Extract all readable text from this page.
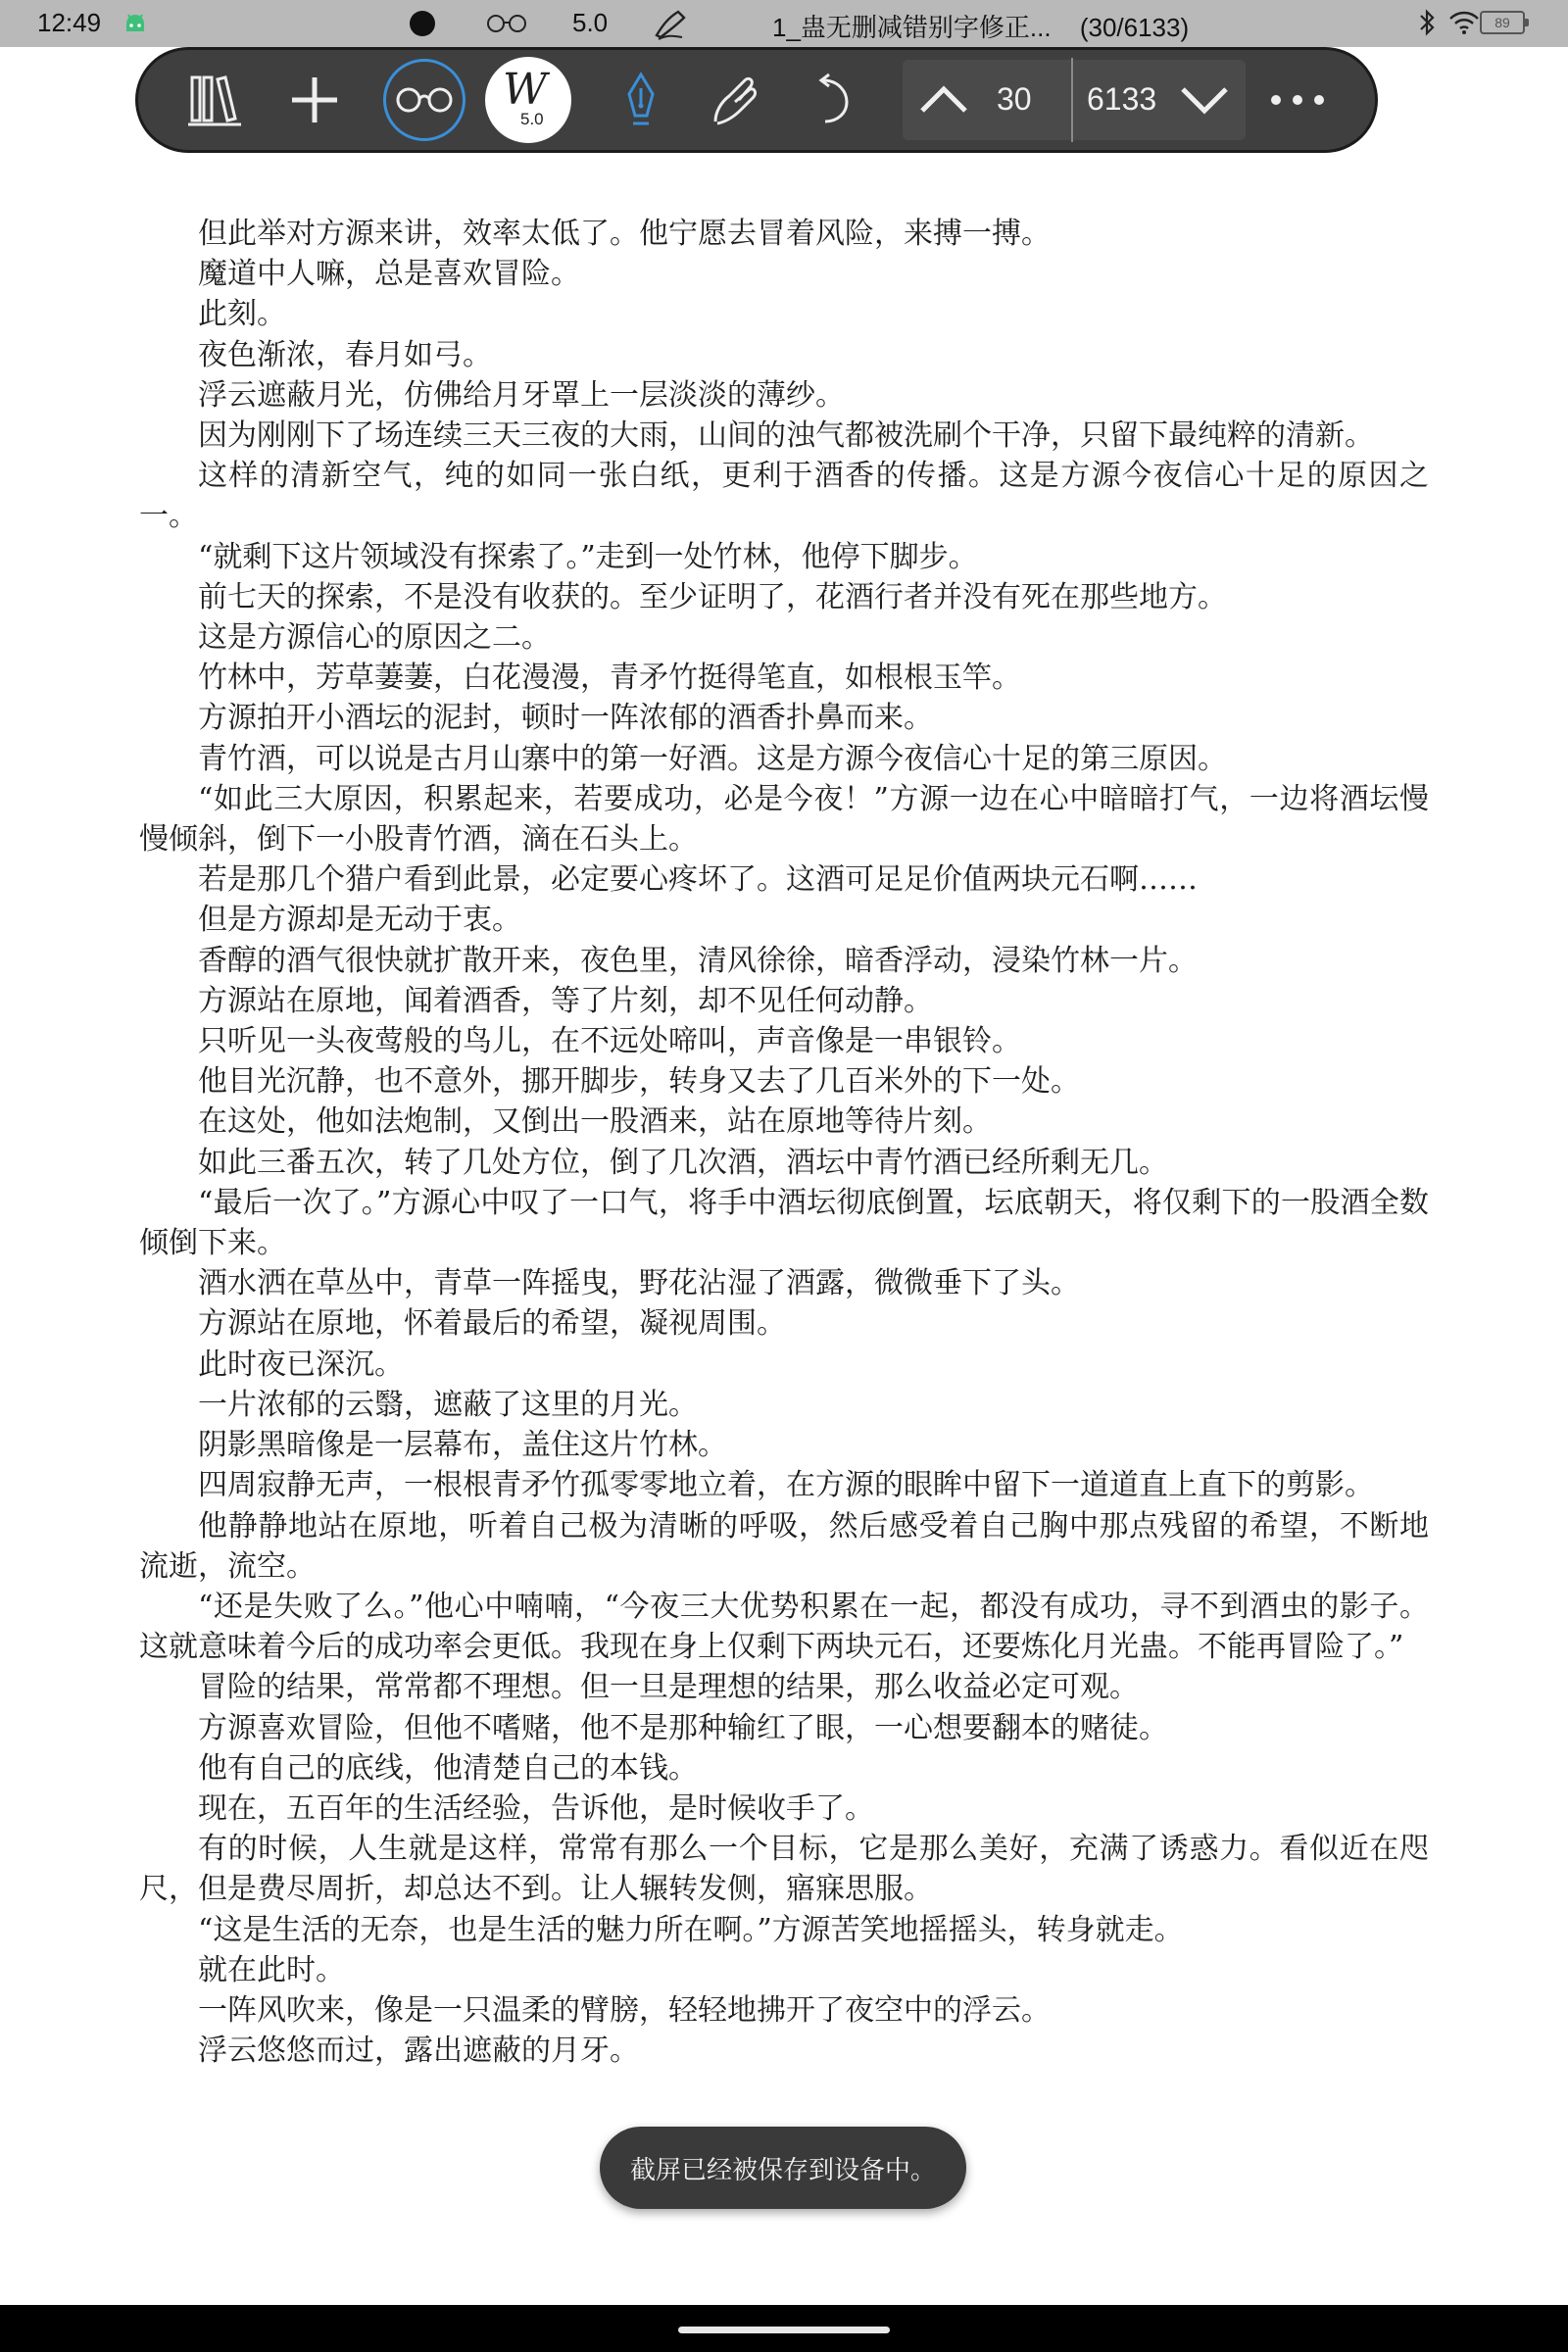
12:49	5.0	1_蛊无删减错别字修正... (30/6133)	89
W
5.0
30 6133

但此举对方源来讲，效率太低了。他宁愿去冒着风险，来搏一搏。

魔道中人嘛，总是喜欢冒险。

此刻。

夜色渐浓，春月如弓。

浮云遮蔽月光，仿佛给月牙罩上一层淡淡的薄纱。

因为刚刚下了场连续三天三夜的大雨，山间的浊气都被洗刷个干净，只留下最纯粹的清新。

这样的清新空气，纯的如同一张白纸，更利于酒香的传播。这是方源今夜信心十足的原因之一。

“就剩下这片领域没有探索了。”走到一处竹林，他停下脚步。

前七天的探索，不是没有收获的。至少证明了，花酒行者并没有死在那些地方。

这是方源信心的原因之二。

竹林中，芳草萋萋，白花漫漫，青矛竹挺得笔直，如根根玉竿。

方源拍开小酒坛的泥封，顿时一阵浓郁的酒香扑鼻而来。

青竹酒，可以说是古月山寨中的第一好酒。这是方源今夜信心十足的第三原因。

“如此三大原因，积累起来，若要成功，必是今夜！”方源一边在心中暗暗打气，一边将酒坛慢慢倾斜，倒下一小股青竹酒，滴在石头上。

若是那几个猎户看到此景，必定要心疼坏了。这酒可足足价值两块元石啊……

但是方源却是无动于衷。

香醇的酒气很快就扩散开来，夜色里，清风徐徐，暗香浮动，浸染竹林一片。

方源站在原地，闻着酒香，等了片刻，却不见任何动静。

只听见一头夜莺般的鸟儿，在不远处啼叫，声音像是一串银铃。

他目光沉静，也不意外，挪开脚步，转身又去了几百米外的下一处。

在这处，他如法炮制，又倒出一股酒来，站在原地等待片刻。

如此三番五次，转了几处方位，倒了几次酒，酒坛中青竹酒已经所剩无几。

“最后一次了。”方源心中叹了一口气，将手中酒坛彻底倒置，坛底朝天，将仅剩下的一股酒全数倾倒下来。

酒水洒在草丛中，青草一阵摇曳，野花沾湿了酒露，微微垂下了头。

方源站在原地，怀着最后的希望，凝视周围。

此时夜已深沉。

一片浓郁的云翳，遮蔽了这里的月光。

阴影黑暗像是一层幕布，盖住这片竹林。

四周寂静无声，一根根青矛竹孤零零地立着，在方源的眼眸中留下一道道直上直下的剪影。

他静静地站在原地，听着自己极为清晰的呼吸，然后感受着自己胸中那点残留的希望，不断地流逝，流空。

“还是失败了么。”他心中喃喃，“今夜三大优势积累在一起，都没有成功，寻不到酒虫的影子。这就意味着今后的成功率会更低。我现在身上仅剩下两块元石，还要炼化月光蛊。不能再冒险了。”

冒险的结果，常常都不理想。但一旦是理想的结果，那么收益必定可观。

方源喜欢冒险，但他不嗜赌，他不是那种输红了眼，一心想要翻本的赌徒。

他有自己的底线，他清楚自己的本钱。

现在，五百年的生活经验，告诉他，是时候收手了。

有的时候，人生就是这样，常常有那么一个目标，它是那么美好，充满了诱惑力。看似近在咫尺，但是费尽周折，却总达不到。让人辗转发侧，寤寐思服。

“这是生活的无奈，也是生活的魅力所在啊。”方源苦笑地摇摇头，转身就走。

就在此时。

一阵风吹来，像是一只温柔的臂膀，轻轻地拂开了夜空中的浮云。

浮云悠悠而过，露出遮蔽的月牙。

截屏已经被保存到设备中。
